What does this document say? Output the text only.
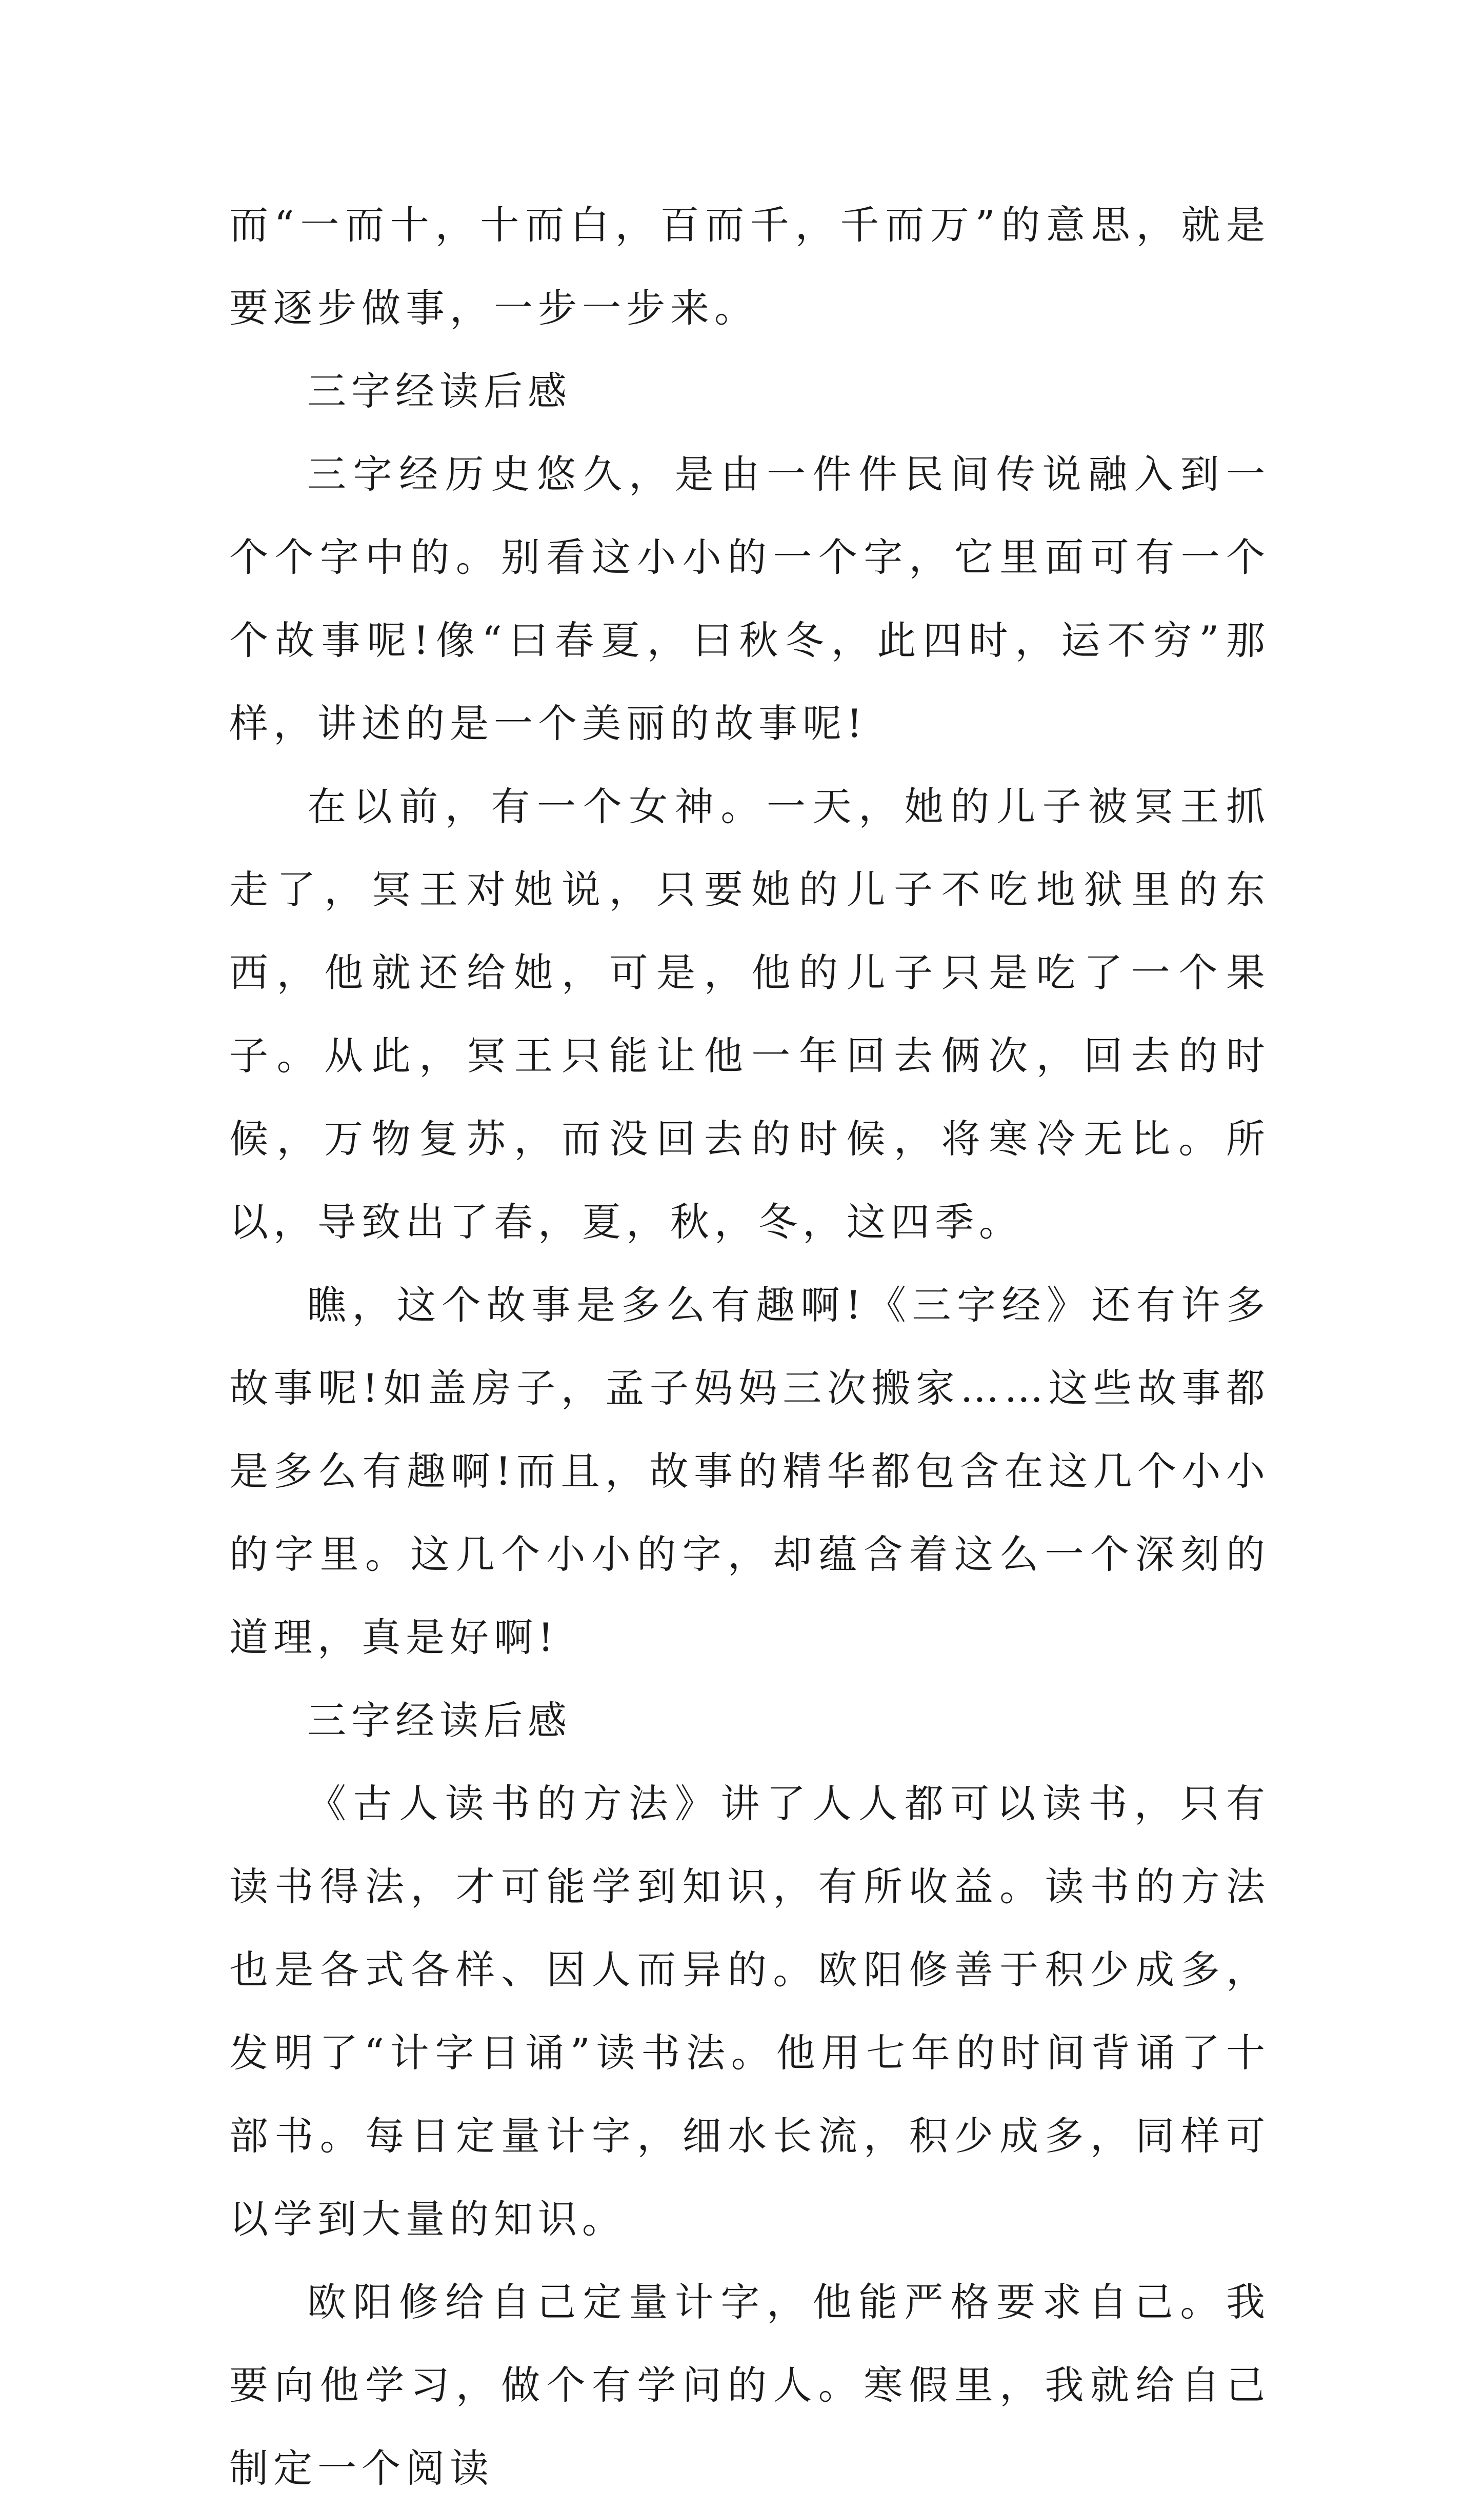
而“一而十，十而白，百而千，千而万”的意思，就是要逐步做事，一步一步来。

三字经读后感

三字经历史悠久，是由一件件民间传说融入到一个个字中的。别看这小小的一个字，它里面可有一个个故事呢!像“曰春夏，曰秋冬，此四时，运不穷”那样，讲述的是一个美丽的故事呢!

在以前，有一个女神。一天，她的儿子被冥王抓走了，冥王对她说，只要她的儿子不吃地狱里的东西，他就还给她，可是，他的儿子只是吃了一个果子。从此，冥王只能让他一年回去俩次，回去的时候，万物复苏，而没回去的时候，将寒冷无比。所以，导致出了春，夏，秋，冬，这四季。

瞧，这个故事是多么有趣啊!《三字经》还有许多故事呢!如盖房子，孟子妈妈三次搬家……这些故事都是多么有趣啊!而且，故事的精华都包含在这几个小小的字里。这几个小小的字，却蕴含着这么一个深刻的道理，真是好啊!

三字经读后感

《古人读书的方法》讲了人人都可以读书，只有读书得法，才可能学到知识，有所收益。读书的方法也是各式各样、因人而异的。欧阳修善于积少成多，发明了“计字日诵”读书法。他用七年的时间背诵了十部书。每日定量计字，细水长流，积少成多，同样可以学到大量的知识。

欧阳修给自己定量计字，他能严格要求自己。我要向他学习，做个有学问的人。寒假里，我就给自己制定一个阅读
